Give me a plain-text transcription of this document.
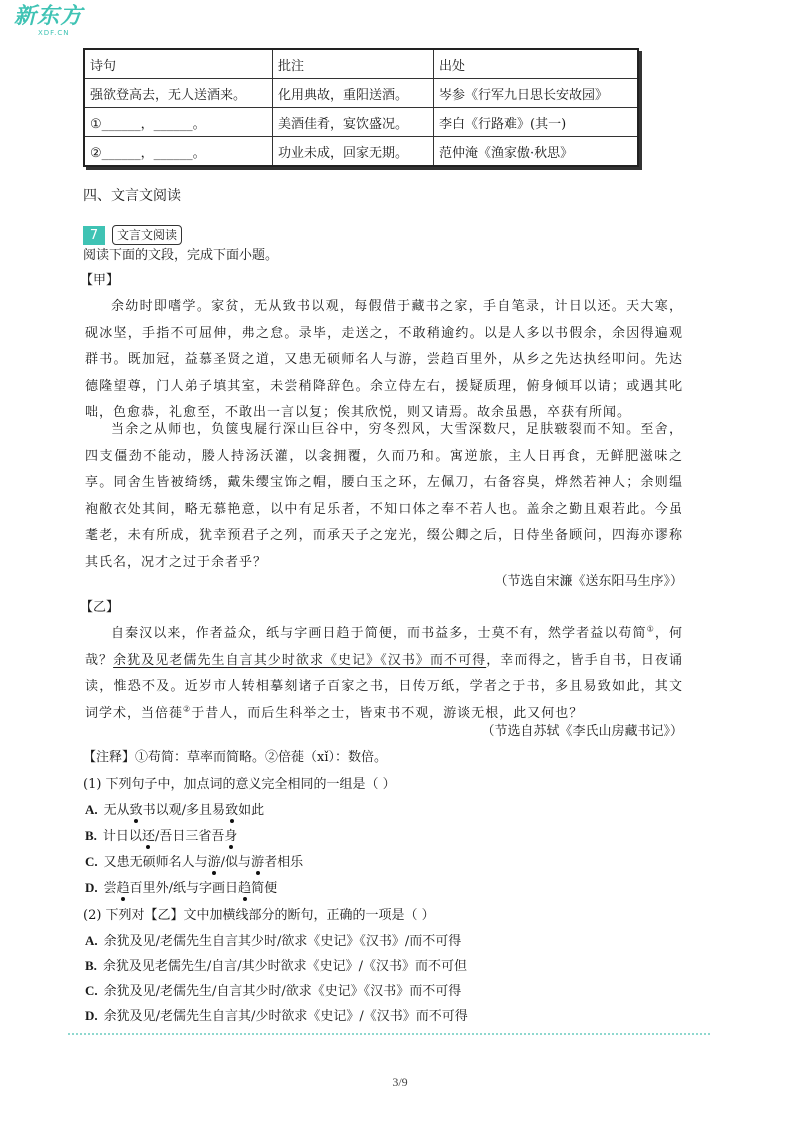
新东方
XDF.CN
诗句	批注	出处
强欲登高去，无人送酒来。	化用典故，重阳送酒。	岑参《行军九日思长安故园》
①______，______。	美酒佳肴，宴饮盛况。	李白《行路难》(其一)
②______，______。	功业未成，回家无期。	范仲淹《渔家傲·秋思》
四、文言文阅读
7	文言文阅读
阅读下面的文段，完成下面小题。
【甲】
余幼时即嗜学。家贫，无从致书以观，每假借于藏书之家，手自笔录，计日以还。天大寒，砚冰坚，手指不可屈伸，弗之怠。录毕，走送之，不敢稍逾约。以是人多以书假余，余因得遍观群书。既加冠，益慕圣贤之道，又患无硕师名人与游，尝趋百里外，从乡之先达执经叩问。先达德隆望尊，门人弟子填其室，未尝稍降辞色。余立侍左右，援疑质理，俯身倾耳以请；或遇其叱咄，色愈恭，礼愈至，不敢出一言以复；俟其欣悦，则又请焉。故余虽愚，卒获有所闻。
当余之从师也，负箧曳屣行深山巨谷中，穷冬烈风，大雪深数尺，足肤皲裂而不知。至舍，四支僵劲不能动，媵人持汤沃灌，以衾拥覆，久而乃和。寓逆旅，主人日再食，无鲜肥滋味之享。同舍生皆被绮绣，戴朱缨宝饰之帽，腰白玉之环，左佩刀，右备容臭，烨然若神人；余则缊袍敝衣处其间，略无慕艳意，以中有足乐者，不知口体之奉不若人也。盖余之勤且艰若此。今虽耄老，未有所成，犹幸预君子之列，而承天子之宠光，缀公卿之后，日侍坐备顾问，四海亦谬称其氏名，况才之过于余者乎？
（节选自宋濂《送东阳马生序》）
【乙】
自秦汉以来，作者益众，纸与字画日趋于简便，而书益多，士莫不有，然学者益以苟简①，何哉？余犹及见老儒先生自言其少时欲求《史记》《汉书》而不可得，幸而得之，皆手自书，日夜诵读，惟恐不及。近岁市人转相摹刻诸子百家之书，日传万纸，学者之于书，多且易致如此，其文词学术，当倍蓰②于昔人，而后生科举之士，皆束书不观，游谈无根，此又何也？
（节选自苏轼《李氏山房藏书记》）
【注释】①苟简：草率而简略。②倍蓰（xǐ）：数倍。
(1) 下列句子中，加点词的意义完全相同的一组是（ ）
A. 无从致书以观/多且易致如此
B. 计日以还/吾日三省吾身
C. 又患无硕师名人与游/似与游者相乐
D. 尝趋百里外/纸与字画日趋简便
(2) 下列对【乙】文中加横线部分的断句，正确的一项是（ ）
A. 余犹及见/老儒先生自言其少时/欲求《史记》《汉书》/而不可得
B. 余犹及见老儒先生/自言/其少时欲求《史记》/《汉书》而不可但
C. 余犹及见/老儒先生/自言其少时/欲求《史记》《汉书》而不可得
D. 余犹及见/老儒先生自言其/少时欲求《史记》/《汉书》而不可得
3/9
